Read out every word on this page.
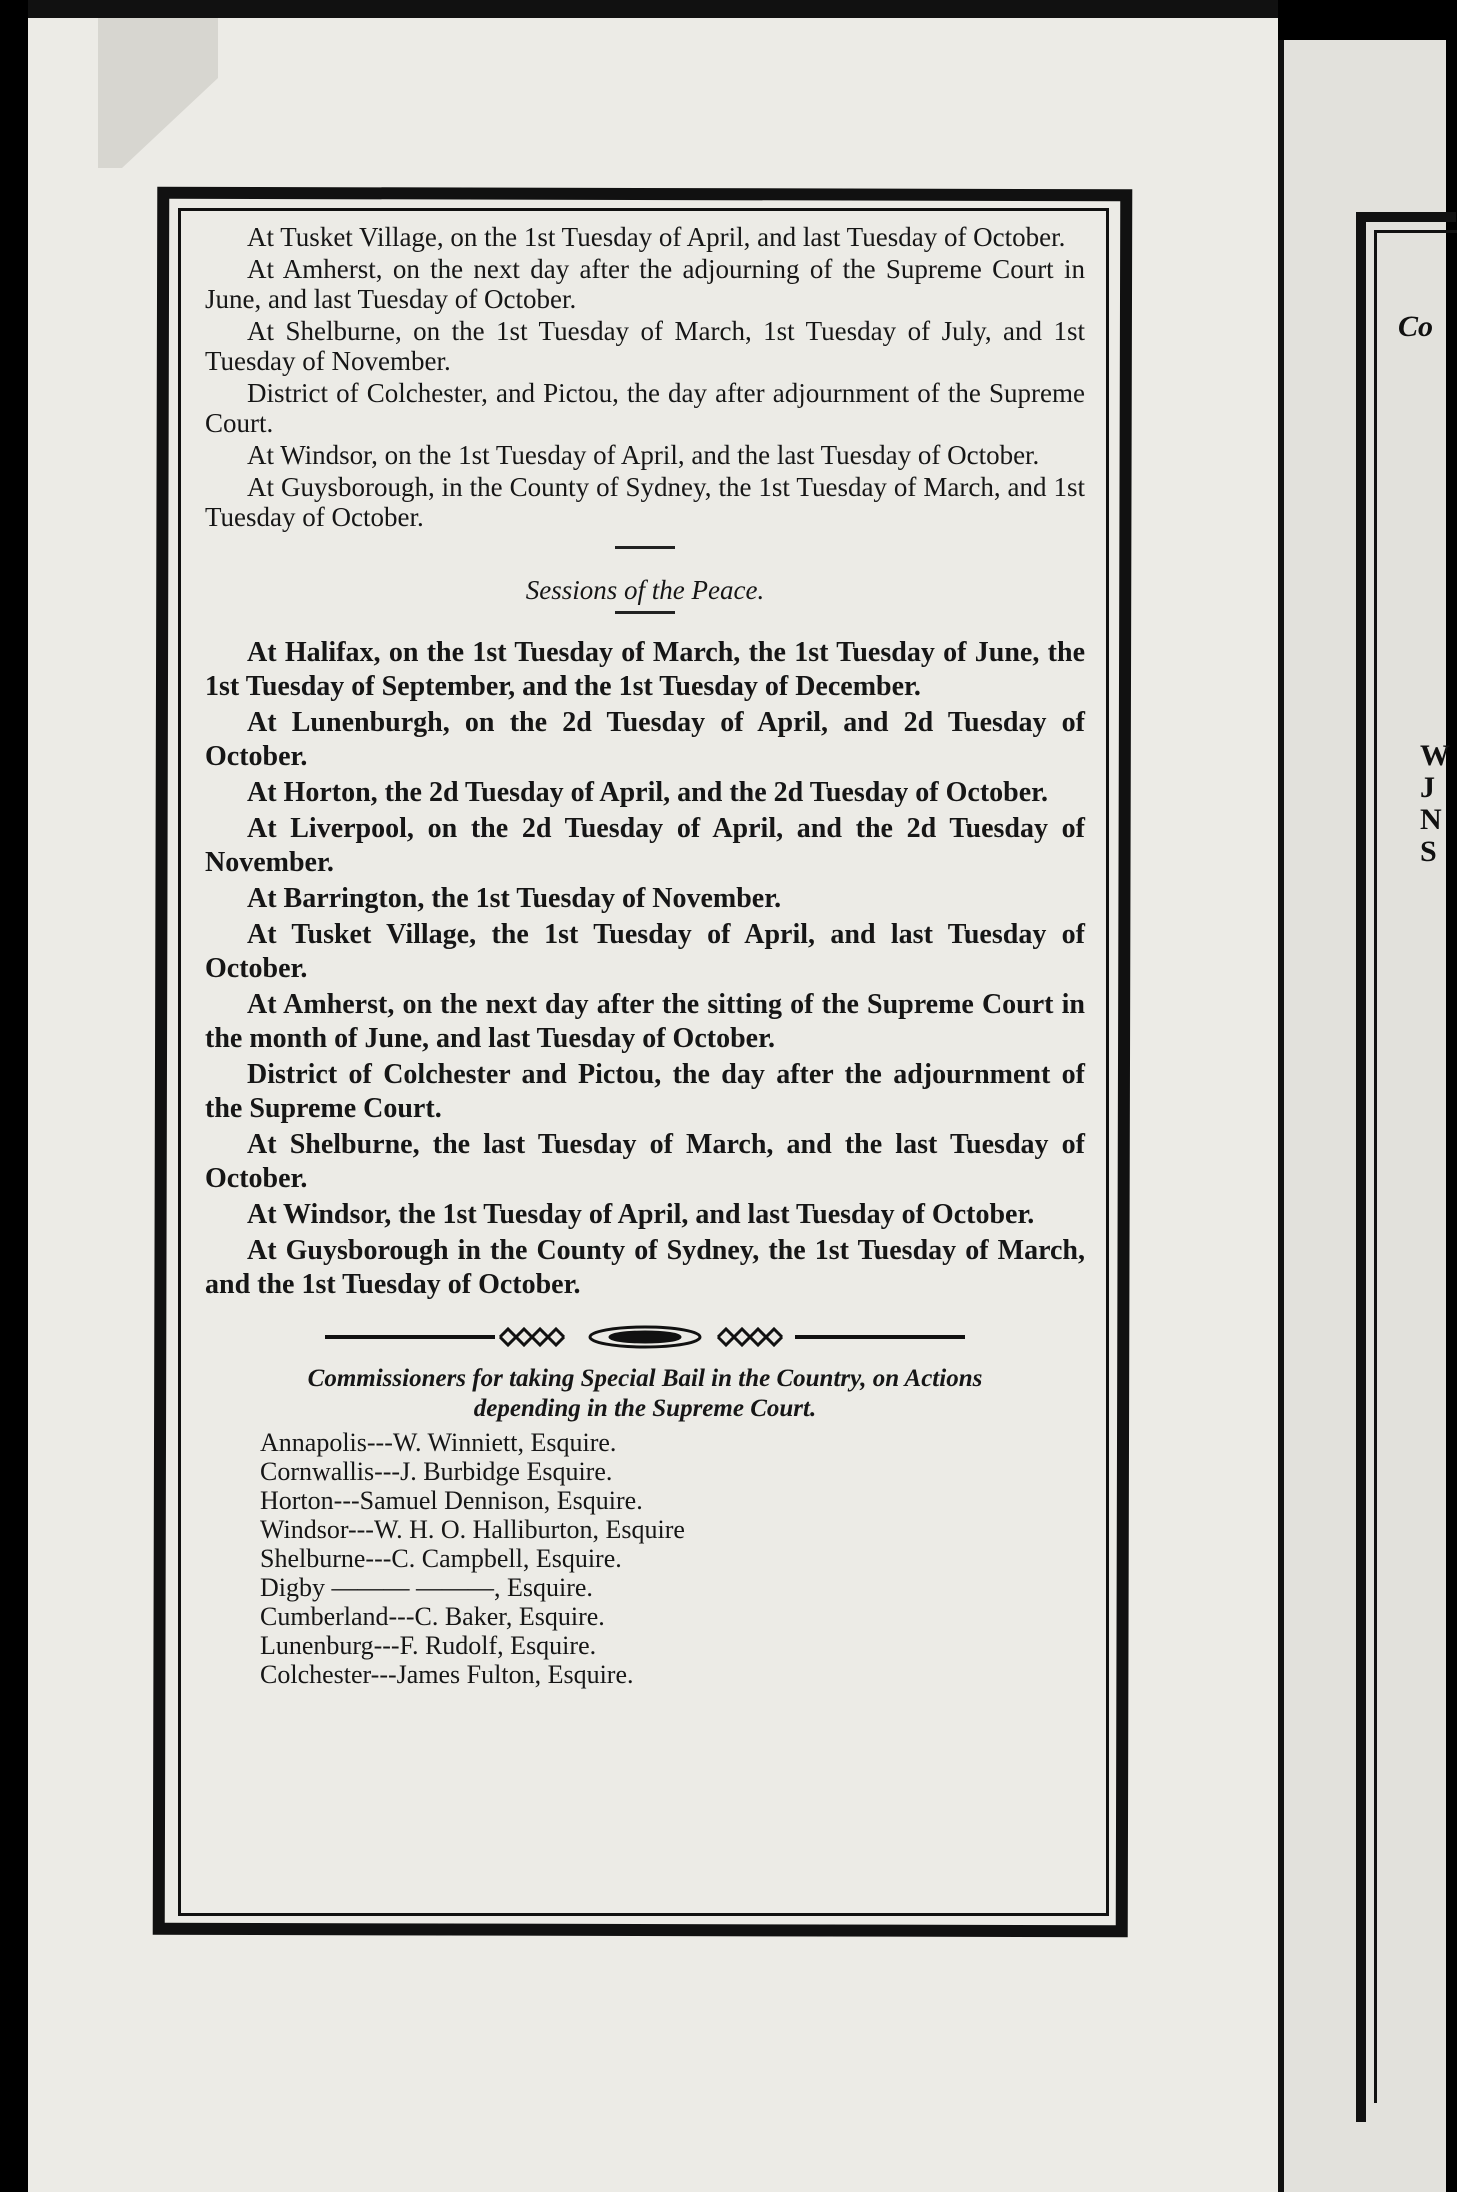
Co
W
J
N
S
At Tusket Village, on the 1st Tuesday of April, and last Tuesday of October.
At Amherst, on the next day after the adjourning of the Supreme Court in June, and last Tuesday of October.
At Shelburne, on the 1st Tuesday of March, 1st Tuesday of July, and 1st Tuesday of November.
District of Colchester, and Pictou, the day after adjournment of the Supreme Court.
At Windsor, on the 1st Tuesday of April, and the last Tuesday of October.
At Guysborough, in the County of Sydney, the 1st Tuesday of March, and 1st Tuesday of October.
Sessions of the Peace.
At Halifax, on the 1st Tuesday of March, the 1st Tuesday of June, the 1st Tuesday of September, and the 1st Tuesday of December.
At Lunenburgh, on the 2d Tuesday of April, and 2d Tuesday of October.
At Horton, the 2d Tuesday of April, and the 2d Tuesday of October.
At Liverpool, on the 2d Tuesday of April, and the 2d Tuesday of November.
At Barrington, the 1st Tuesday of November.
At Tusket Village, the 1st Tuesday of April, and last Tuesday of October.
At Amherst, on the next day after the sitting of the Supreme Court in the month of June, and last Tuesday of October.
District of Colchester and Pictou, the day after the adjournment of the Supreme Court.
At Shelburne, the last Tuesday of March, and the last Tuesday of October.
At Windsor, the 1st Tuesday of April, and last Tuesday of October.
At Guysborough in the County of Sydney, the 1st Tuesday of March, and the 1st Tuesday of October.
Commissioners for taking Special Bail in the Country, on Actions
depending in the Supreme Court.
Annapolis---W. Winniett, Esquire.
Cornwallis---J. Burbidge Esquire.
Horton---Samuel Dennison, Esquire.
Windsor---W. H. O. Halliburton, Esquire
Shelburne---C. Campbell, Esquire.
Digby ——— ———, Esquire.
Cumberland---C. Baker, Esquire.
Lunenburg---F. Rudolf, Esquire.
Colchester---James Fulton, Esquire.
